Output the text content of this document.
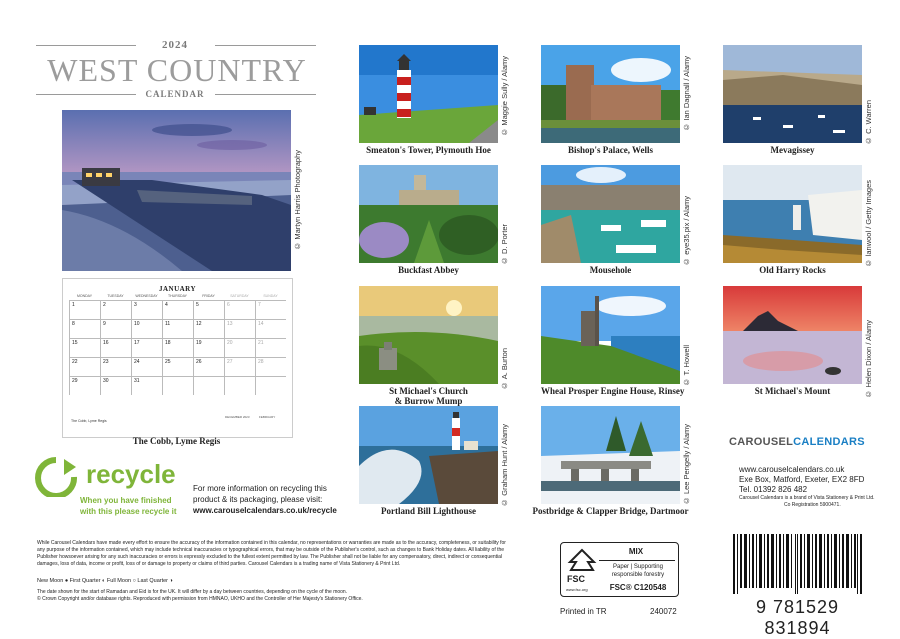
2024
WEST COUNTRY
CALENDAR
© Martyn Harris Photography
JANUARY
MONDAY	TUESDAY	WEDNESDAY	THURSDAY	FRIDAY	SATURDAY	SUNDAY
1	2	3	4	5	6	7
8	9	10	11	12	13	14
15	16	17	18	19	20	21
22	23	24	25	26	27	28
29	30	31
The Cobb, Lyme Regis
DECEMBER 2023	FEBRUARY
The Cobb, Lyme Regis
© Maggie Sully / Alamy
Smeaton's Tower, Plymouth Hoe
© Ian Dagnall / Alamy
Bishop's Palace, Wells
© C. Warren
Mevagissey
© D. Porter
Buckfast Abbey
© eye35.pix / Alamy
Mousehole
© lanwool / Getty Images
Old Harry Rocks
© A. Burton
St Michael's Church
& Burrow Mump
© T. Howell
Wheal Prosper Engine House, Rinsey	© Helen Dixon / Alamy
St Michael's Mount
© Graham Hunt / Alamy
Portland Bill Lighthouse
© Lee Pengelly / Alamy
Postbridge & Clapper Bridge, Dartmoor
recycle
When you have finished
with this please recycle it
For more information on recycling this
product & its packaging, please visit:
www.carouselcalendars.co.uk/recycle
CAROUSELCALENDARS
www.carouselcalendars.co.uk
Exe Box, Matford, Exeter, EX2 8FD
Tel. 01392 826 482
Carousel Calendars is a brand of Vista Stationery & Print Ltd.
Co Registration 5900471.
While Carousel Calendars have made every effort to ensure the accuracy of the information contained in this calendar, no representations or warranties are made as to the accuracy, completeness, or suitability for any purpose of the information contained, which may include technical inaccuracies or typographical errors, that may be outside of the Publisher's control, such as changes to Bank Holiday dates. All liability of the Publisher howsoever arising for any such inaccuracies or errors is expressly excluded to the fullest extent permitted by law. The Publisher shall not be liable for any compensatory, direct, indirect or consequential damages, loss of data, income or profit, loss of or damage to property or claims of third parties. Carousel Calendars is a trading name of Vista Stationery & Print Ltd.
New Moon ● First Quarter ◐ Full Moon ○ Last Quarter ◑
The date shown for the start of Ramadan and Eid is for the UK. It will differ by a day between countries, depending on the cycle of the moon.
© Crown Copyright and/or database rights. Reproduced with permission from HMNAO, UKHO and the Controller of Her Majesty's Stationery Office.
FSC
www.fsc.org
MIX
Paper | Supporting
responsible forestry
FSC® C120548
Printed in TR	240072	9 781529 831894
